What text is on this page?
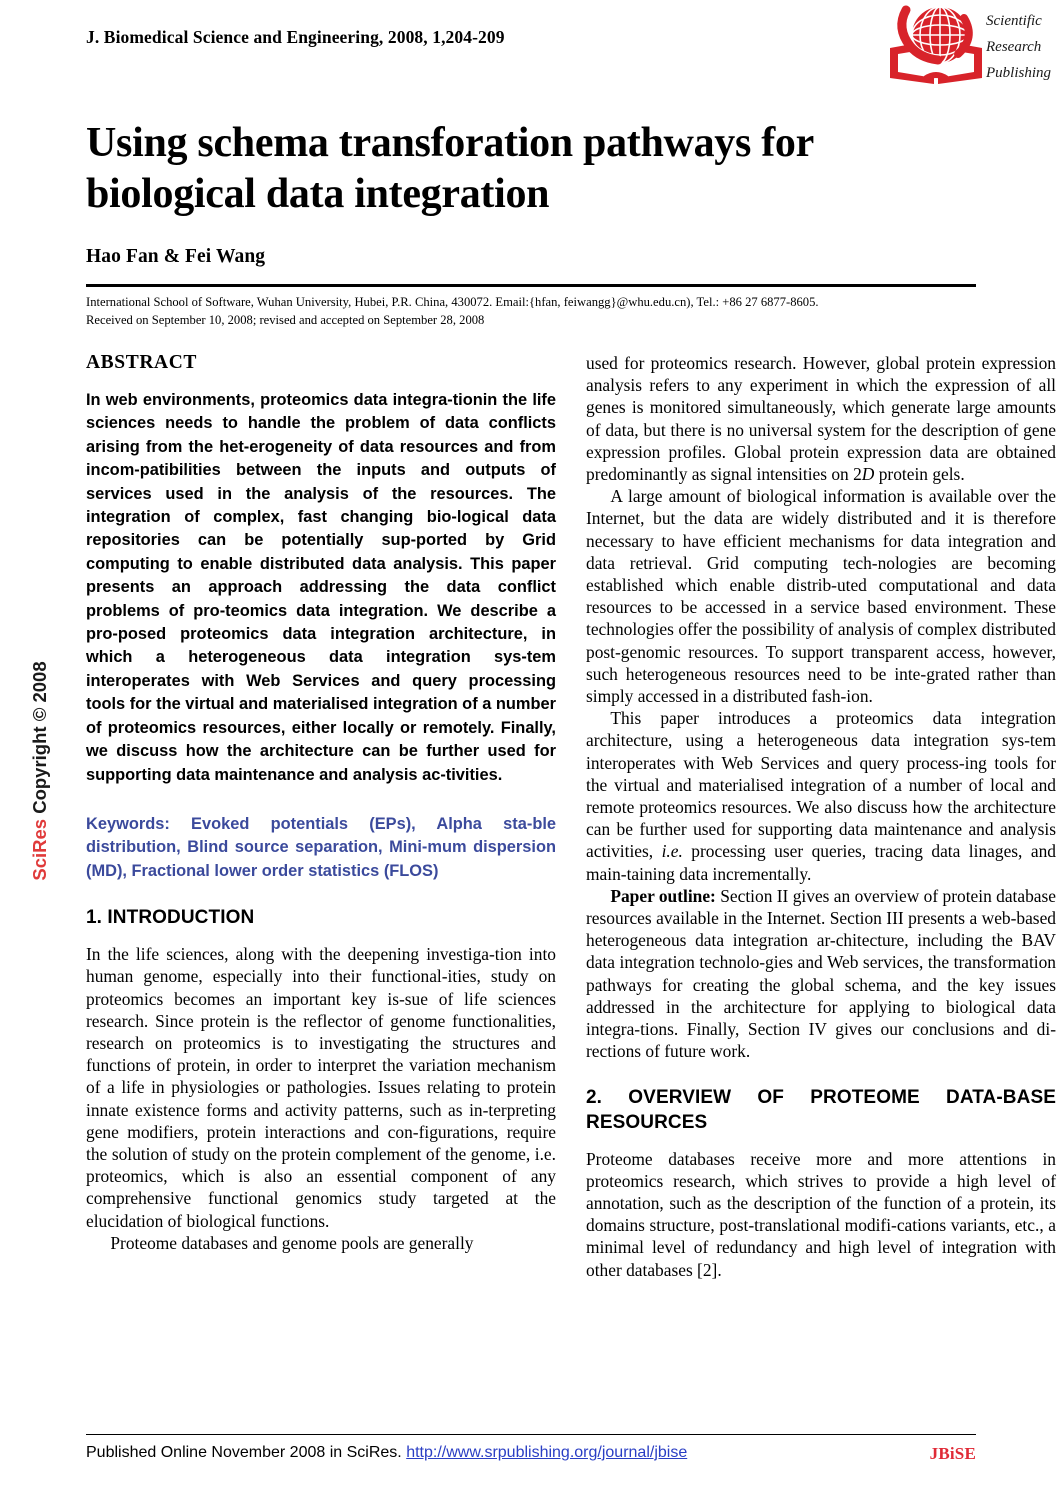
J. Biomedical Science and Engineering, 2008, 1,204-209
Scientific
Research
Publishing
Using schema transforation pathways for biological data integration
Hao Fan & Fei Wang
International School of Software, Wuhan University, Hubei, P.R. China, 430072. Email:{hfan, feiwangg}@whu.edu.cn), Tel.: +86 27 6877-8605.
Received on September 10, 2008; revised and accepted on September 28, 2008
SciRes Copyright © 2008
ABSTRACT

In web environments, proteomics data integra-tionin the life sciences needs to handle the problem of data conflicts arising from the het-erogeneity of data resources and from incom-patibilities between the inputs and outputs of services used in the analysis of the resources. The integration of complex, fast changing bio-logical data repositories can be potentially sup-ported by Grid computing to enable distributed data analysis. This paper presents an approach addressing the data conflict problems of pro-teomics data integration. We describe a pro-posed proteomics data integration architecture, in which a heterogeneous data integration sys-tem interoperates with Web Services and query processing tools for the virtual and materialised integration of a number of proteomics resources, either locally or remotely. Finally, we discuss how the architecture can be further used for supporting data maintenance and analysis ac-tivities.

Keywords: Evoked potentials (EPs), Alpha sta-ble distribution, Blind source separation, Mini-mum dispersion (MD), Fractional lower order statistics (FLOS)

1. INTRODUCTION

In the life sciences, along with the deepening investiga-tion into human genome, especially into their functional-ities, study on proteomics becomes an important key is-sue of life sciences research. Since protein is the reflector of genome functionalities, research on proteomics is to investigating the structures and functions of protein, in order to interpret the variation mechanism of a life in physiologies or pathologies. Issues relating to protein innate existence forms and activity patterns, such as in-terpreting gene modifiers, protein interactions and con-figurations, require the solution of study on the protein complement of the genome, i.e. proteomics, which is also an essential component of any comprehensive functional genomics study targeted at the elucidation of biological functions.

Proteome databases and genome pools are generally

used for proteomics research. However, global protein expression analysis refers to any experiment in which the expression of all genes is monitored simultaneously, which generate large amounts of data, but there is no universal system for the description of gene expression profiles. Global protein expression data are obtained predominantly as signal intensities on 2D protein gels.

A large amount of biological information is available over the Internet, but the data are widely distributed and it is therefore necessary to have efficient mechanisms for data integration and data retrieval. Grid computing tech-nologies are becoming established which enable distrib-uted computational and data resources to be accessed in a service based environment. These technologies offer the possibility of analysis of complex distributed post-genomic resources. To support transparent access, however, such heterogeneous resources need to be inte-grated rather than simply accessed in a distributed fash-ion.

This paper introduces a proteomics data integration architecture, using a heterogeneous data integration sys-tem interoperates with Web Services and query process-ing tools for the virtual and materialised integration of a number of local and remote proteomics resources. We also discuss how the architecture can be further used for supporting data maintenance and analysis activities, i.e. processing user queries, tracing data linages, and main-taining data incrementally.

Paper outline: Section II gives an overview of protein database resources available in the Internet. Section III presents a web-based heterogeneous data integration ar-chitecture, including the BAV data integration technolo-gies and Web services, the transformation pathways for creating the global schema, and the key issues addressed in the architecture for applying to biological data integra-tions. Finally, Section IV gives our conclusions and di-rections of future work.

2. OVERVIEW OF PROTEOME DATA-BASE RESOURCES

Proteome databases receive more and more attentions in proteomics research, which strives to provide a high level of annotation, such as the description of the function of a protein, its domains structure, post-translational modifi-cations variants, etc., a minimal level of redundancy and high level of integration with other databases [2].

Published Online November 2008 in SciRes. http://www.srpublishing.org/journal/jbise	JBiSE
